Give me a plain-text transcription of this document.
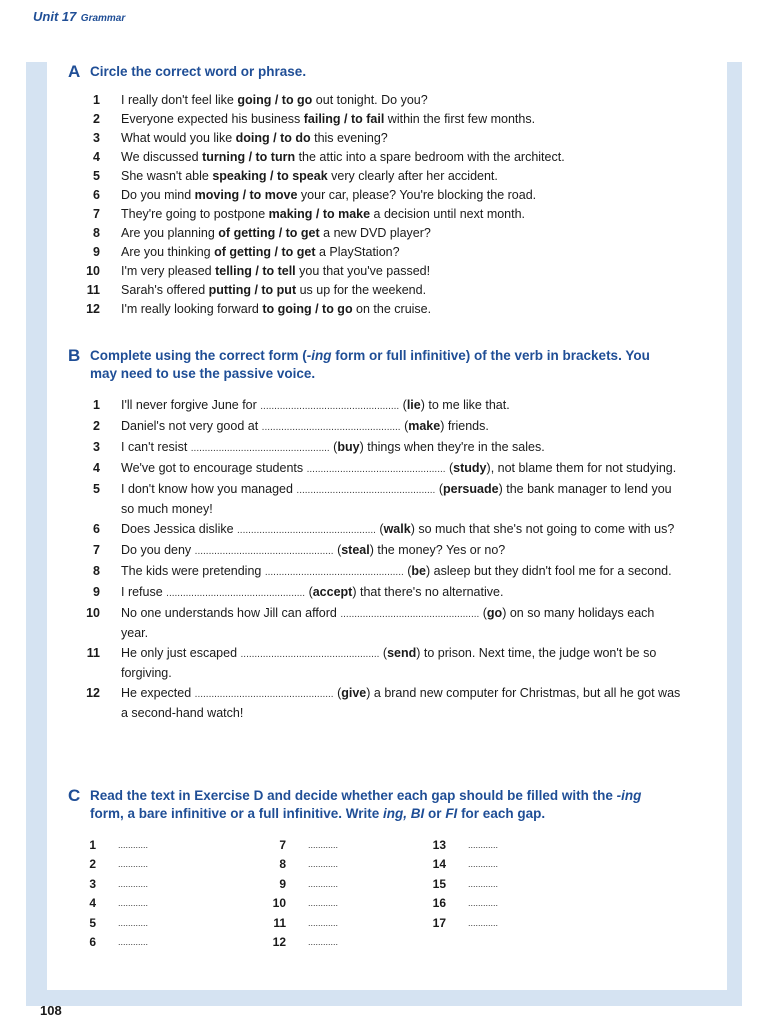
Unit 17 Grammar
A Circle the correct word or phrase.
1	I really don't feel like going / to go out tonight. Do you?
2	Everyone expected his business failing / to fail within the first few months.
3	What would you like doing / to do this evening?
4	We discussed turning / to turn the attic into a spare bedroom with the architect.
5	She wasn't able speaking / to speak very clearly after her accident.
6	Do you mind moving / to move your car, please? You're blocking the road.
7	They're going to postpone making / to make a decision until next month.
8	Are you planning of getting / to get a new DVD player?
9	Are you thinking of getting / to get a PlayStation?
10	I'm very pleased telling / to tell you that you've passed!
11	Sarah's offered putting / to put us up for the weekend.
12	I'm really looking forward to going / to go on the cruise.
B Complete using the correct form (-ing form or full infinitive) of the verb in brackets. You may need to use the passive voice.
1	I'll never forgive June for .................................................. (lie) to me like that.
2	Daniel's not very good at .................................................. (make) friends.
3	I can't resist .................................................. (buy) things when they're in the sales.
4	We've got to encourage students .................................................. (study), not blame them for not studying.
5	I don't know how you managed .................................................. (persuade) the bank manager to lend you so much money!
6	Does Jessica dislike .................................................. (walk) so much that she's not going to come with us?
7	Do you deny .................................................. (steal) the money? Yes or no?
8	The kids were pretending .................................................. (be) asleep but they didn't fool me for a second.
9	I refuse .................................................. (accept) that there's no alternative.
10	No one understands how Jill can afford .................................................. (go) on so many holidays each year.
11	He only just escaped .................................................. (send) to prison. Next time, the judge won't be so forgiving.
12	He expected .................................................. (give) a brand new computer for Christmas, but all he got was a second-hand watch!
C Read the text in Exercise D and decide whether each gap should be filled with the -ing form, a bare infinitive or a full infinitive. Write ing, BI or FI for each gap.
1	............
2	............
3	............
4	............
5	............
6	............
7	............
8	............
9	............
10	............
11	............
12	............
13	............
14	............
15	............
16	............
17	............
108
